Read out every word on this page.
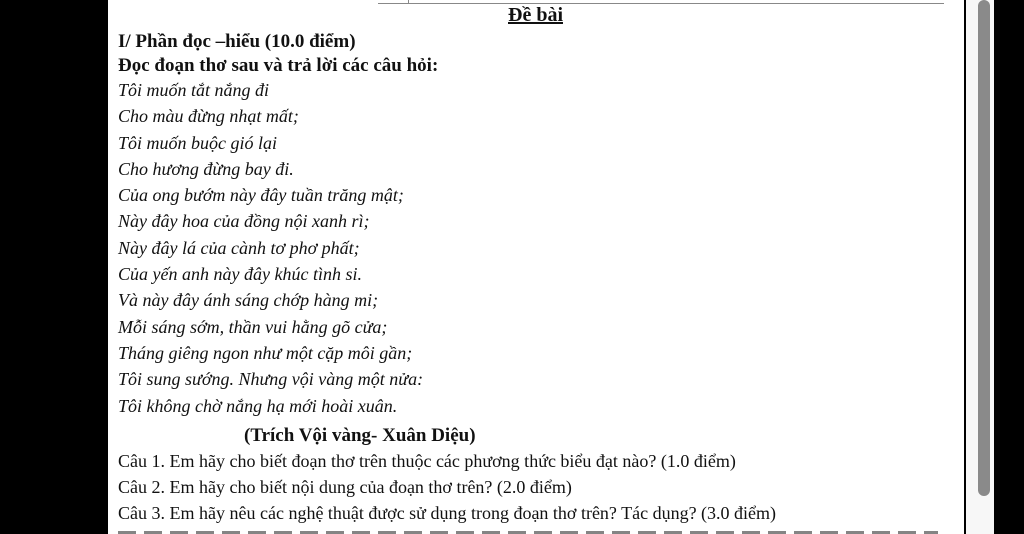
Đề bài
I/ Phần đọc –hiểu (10.0 điểm)
Đọc đoạn thơ sau và trả lời các câu hỏi:
Tôi muốn tắt nắng đi
Cho màu đừng nhạt mất;
Tôi muốn buộc gió lại
Cho hương đừng bay đi.
Của ong bướm này đây tuần trăng mật;
Này đây hoa của đồng nội xanh rì;
Này đây lá của cành tơ phơ phất;
Của yến anh này đây khúc tình si.
Và này đây ánh sáng chớp hàng mi;
Mỗi sáng sớm, thần vui hằng gõ cửa;
Tháng giêng ngon như một cặp môi gần;
Tôi sung sướng. Nhưng vội vàng một nửa:
Tôi không chờ nắng hạ mới hoài xuân.
(Trích Vội vàng- Xuân Diệu)
Câu 1. Em hãy cho biết đoạn thơ trên thuộc các phương thức biểu đạt nào? (1.0 điểm)
Câu 2. Em hãy cho biết nội dung của đoạn thơ trên? (2.0 điểm)
Câu 3. Em hãy nêu các nghệ thuật được sử dụng trong đoạn thơ trên? Tác dụng? (3.0 điểm)
